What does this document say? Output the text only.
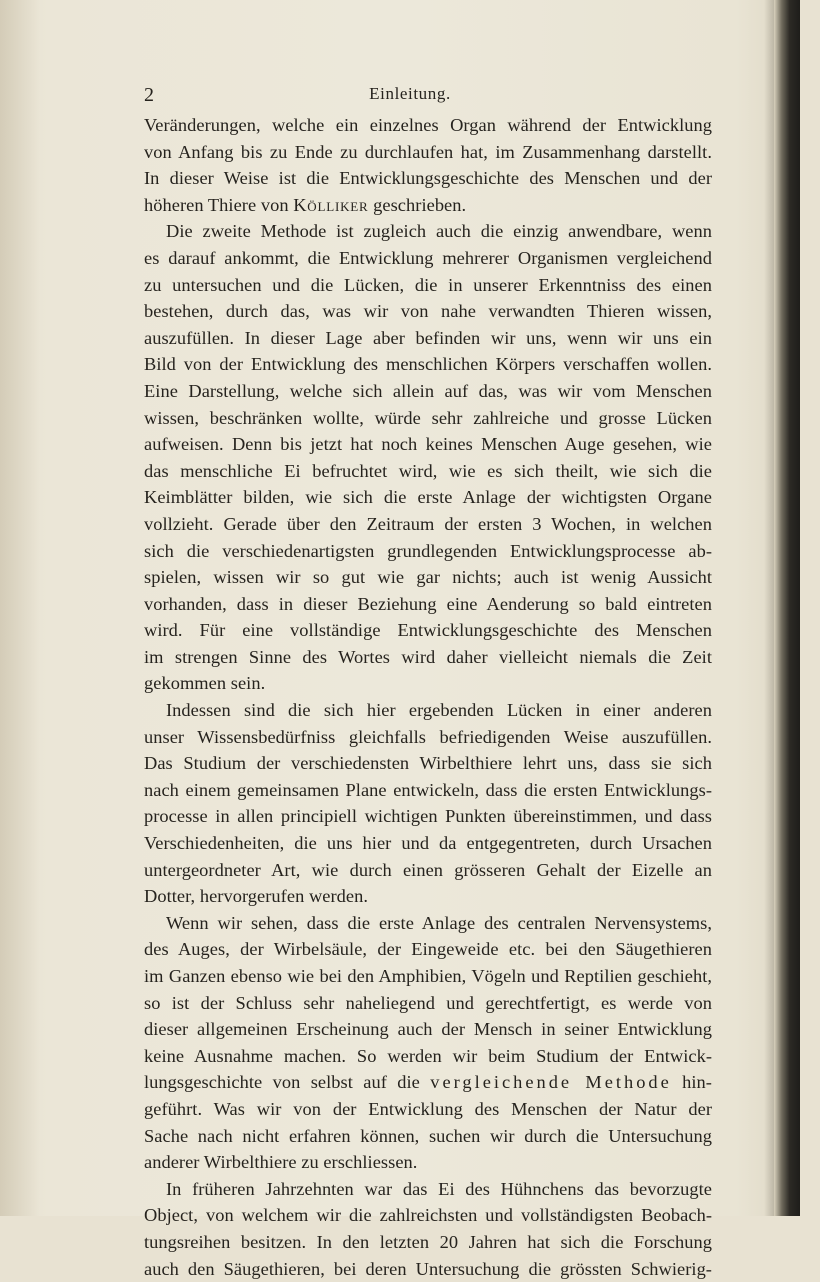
2	Einleitung.
Veränderungen, welche ein einzelnes Organ während der Entwicklung
von Anfang bis zu Ende zu durchlaufen hat, im Zusammenhang darstellt.
In dieser Weise ist die Entwicklungsgeschichte des Menschen und der
höheren Thiere von Kölliker geschrieben.
Die zweite Methode ist zugleich auch die einzig anwendbare, wenn
es darauf ankommt, die Entwicklung mehrerer Organismen vergleichend
zu untersuchen und die Lücken, die in unserer Erkenntniss des einen
bestehen, durch das, was wir von nahe verwandten Thieren wissen,
auszufüllen. In dieser Lage aber befinden wir uns, wenn wir uns ein
Bild von der Entwicklung des menschlichen Körpers verschaffen wollen.
Eine Darstellung, welche sich allein auf das, was wir vom Menschen
wissen, beschränken wollte, würde sehr zahlreiche und grosse Lücken
aufweisen. Denn bis jetzt hat noch keines Menschen Auge gesehen, wie
das menschliche Ei befruchtet wird, wie es sich theilt, wie sich die
Keimblätter bilden, wie sich die erste Anlage der wichtigsten Organe
vollzieht. Gerade über den Zeitraum der ersten 3 Wochen, in welchen
sich die verschiedenartigsten grundlegenden Entwicklungsprocesse ab-
spielen, wissen wir so gut wie gar nichts; auch ist wenig Aussicht
vorhanden, dass in dieser Beziehung eine Aenderung so bald eintreten
wird. Für eine vollständige Entwicklungsgeschichte des Menschen
im strengen Sinne des Wortes wird daher vielleicht niemals die Zeit
gekommen sein.
Indessen sind die sich hier ergebenden Lücken in einer anderen
unser Wissensbedürfniss gleichfalls befriedigenden Weise auszufüllen.
Das Studium der verschiedensten Wirbelthiere lehrt uns, dass sie sich
nach einem gemeinsamen Plane entwickeln, dass die ersten Entwicklungs-
processe in allen principiell wichtigen Punkten übereinstimmen, und dass
Verschiedenheiten, die uns hier und da entgegentreten, durch Ursachen
untergeordneter Art, wie durch einen grösseren Gehalt der Eizelle an
Dotter, hervorgerufen werden.
Wenn wir sehen, dass die erste Anlage des centralen Nervensystems,
des Auges, der Wirbelsäule, der Eingeweide etc. bei den Säugethieren
im Ganzen ebenso wie bei den Amphibien, Vögeln und Reptilien geschieht,
so ist der Schluss sehr naheliegend und gerechtfertigt, es werde von
dieser allgemeinen Erscheinung auch der Mensch in seiner Entwicklung
keine Ausnahme machen. So werden wir beim Studium der Entwick-
lungsgeschichte von selbst auf die vergleichende Methode hin-
geführt. Was wir von der Entwicklung des Menschen der Natur der
Sache nach nicht erfahren können, suchen wir durch die Untersuchung
anderer Wirbelthiere zu erschliessen.
In früheren Jahrzehnten war das Ei des Hühnchens das bevorzugte
Object, von welchem wir die zahlreichsten und vollständigsten Beobach-
tungsreihen besitzen. In den letzten 20 Jahren hat sich die Forschung
auch den Säugethieren, bei deren Untersuchung die grössten Schwierig-
